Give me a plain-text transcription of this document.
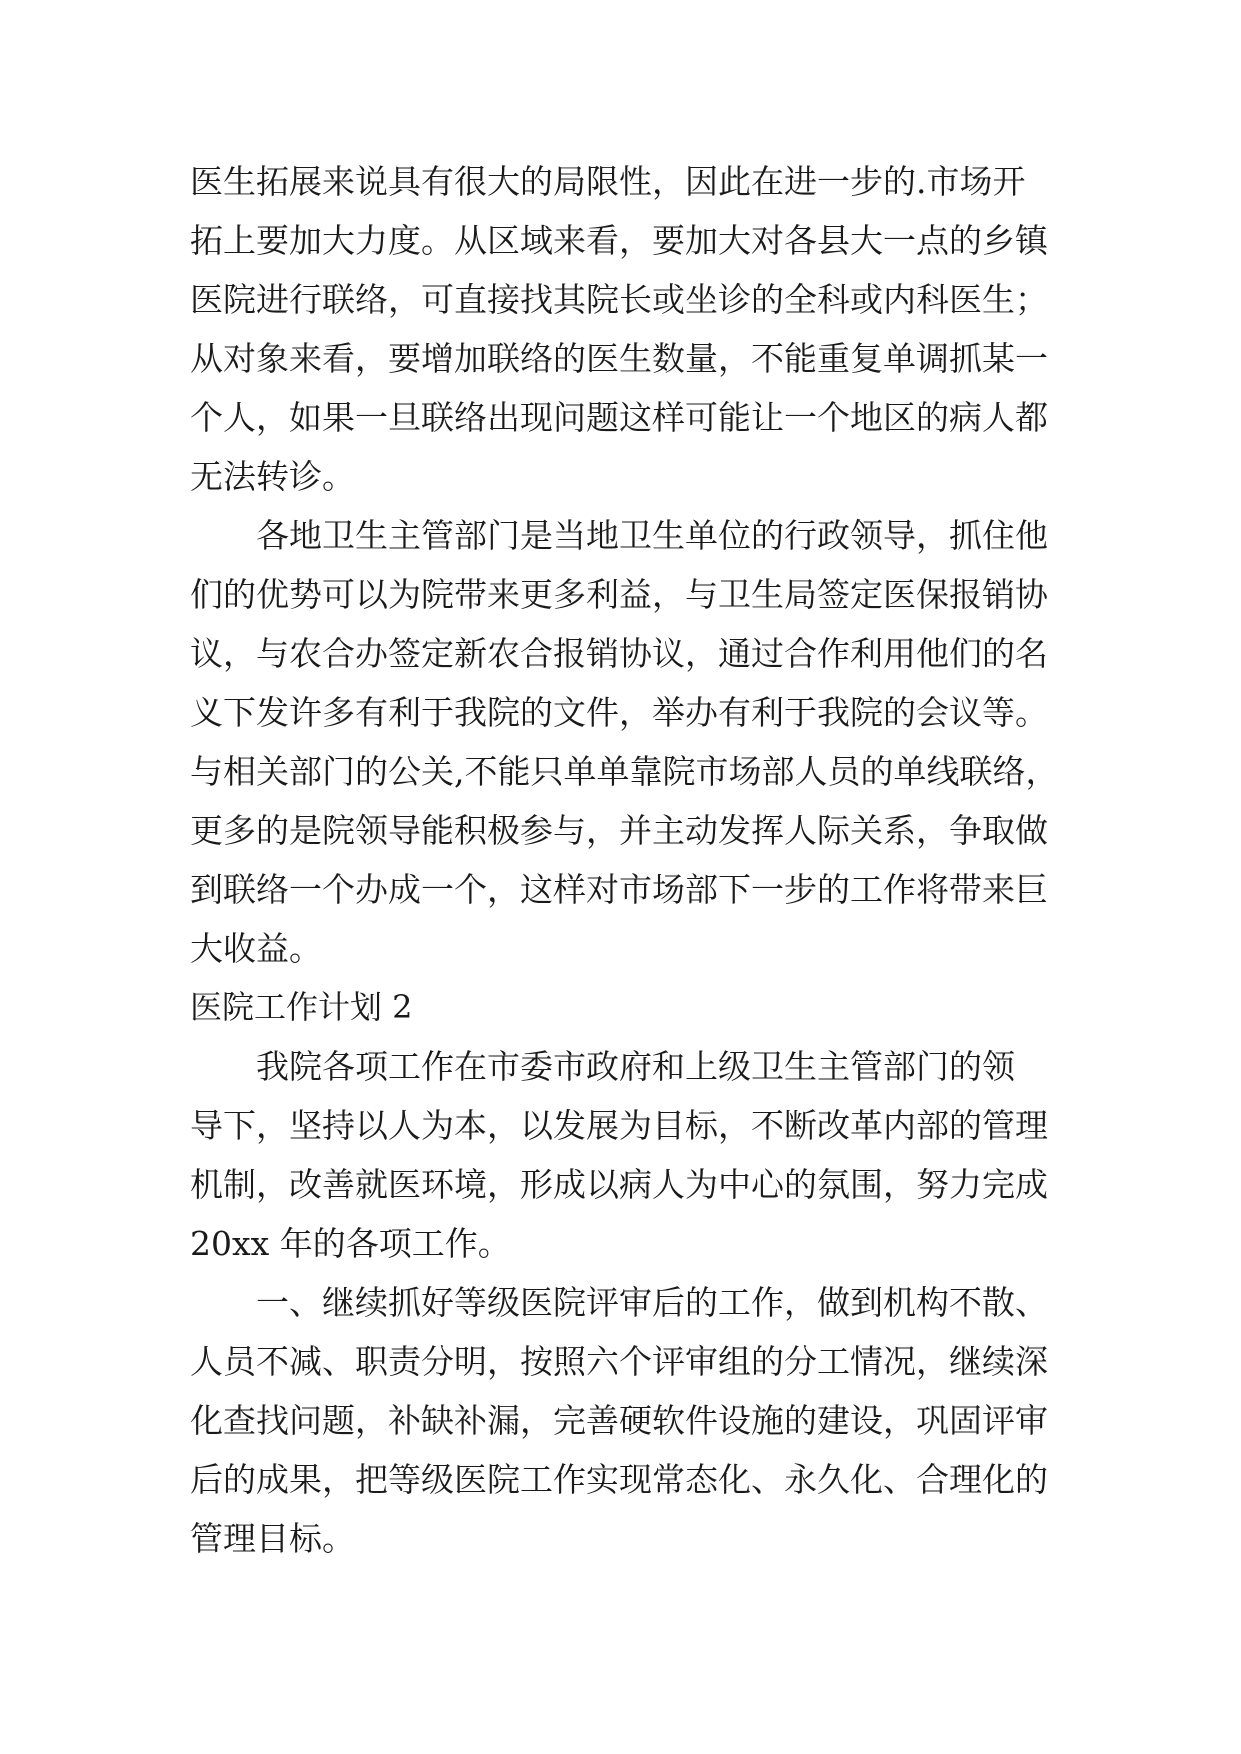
医生拓展来说具有很大的局限性，因此在进一步的.市场开
拓上要加大力度。从区域来看，要加大对各县大一点的乡镇
医院进行联络，可直接找其院长或坐诊的全科或内科医生；
从对象来看，要增加联络的医生数量，不能重复单调抓某一
个人，如果一旦联络出现问题这样可能让一个地区的病人都
无法转诊。
各地卫生主管部门是当地卫生单位的行政领导，抓住他
们的优势可以为院带来更多利益，与卫生局签定医保报销协
议，与农合办签定新农合报销协议，通过合作利用他们的名
义下发许多有利于我院的文件，举办有利于我院的会议等。
与相关部门的公关,不能只单单靠院市场部人员的单线联络，
更多的是院领导能积极参与，并主动发挥人际关系，争取做
到联络一个办成一个，这样对市场部下一步的工作将带来巨
大收益。
医院工作计划 2
我院各项工作在市委市政府和上级卫生主管部门的领
导下，坚持以人为本，以发展为目标，不断改革内部的管理
机制，改善就医环境，形成以病人为中心的氛围，努力完成
20xx 年的各项工作。
一、继续抓好等级医院评审后的工作，做到机构不散、
人员不减、职责分明，按照六个评审组的分工情况，继续深
化查找问题，补缺补漏，完善硬软件设施的建设，巩固评审
后的成果，把等级医院工作实现常态化、永久化、合理化的
管理目标。
